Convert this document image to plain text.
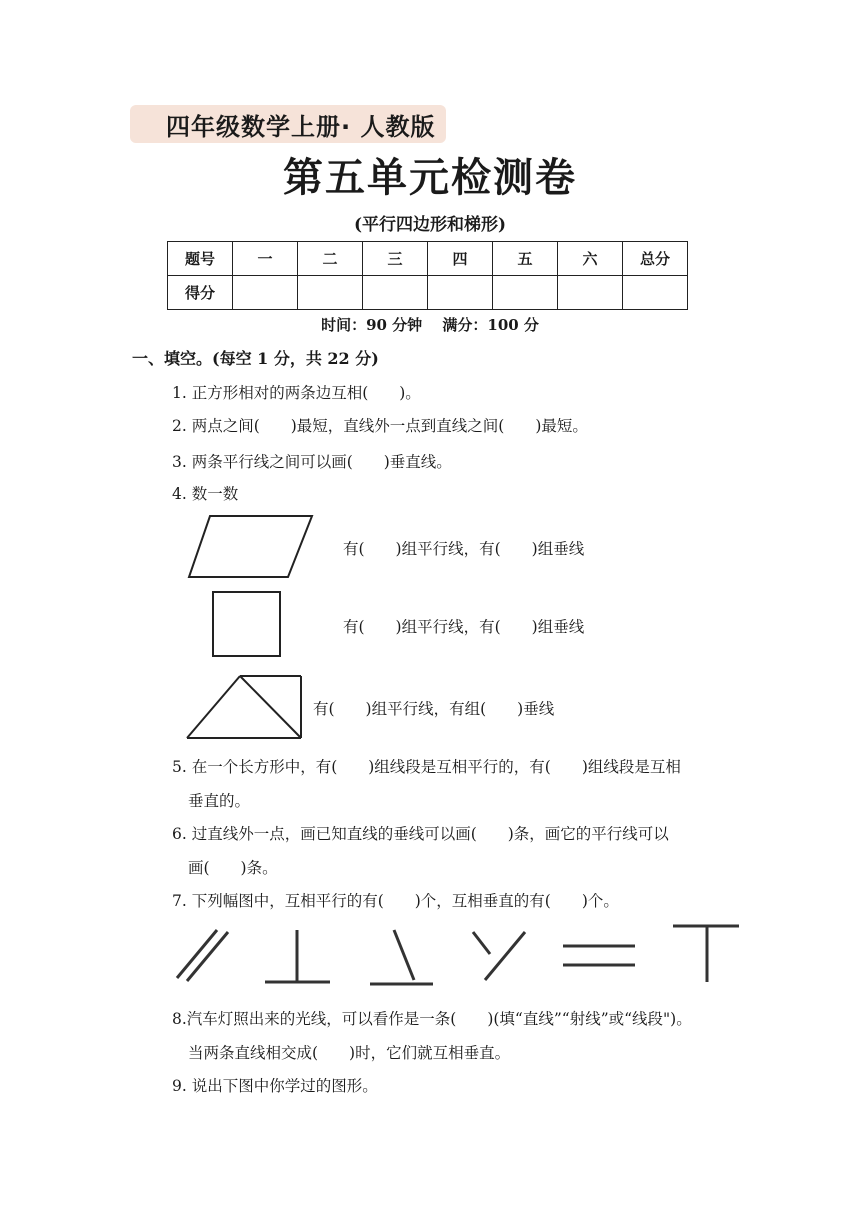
四年级数学上册· 人教版
第五单元检测卷
(平行四边形和梯形)
题号	一	二	三	四	五	六	总分
得分							
时间：90 分钟　 满分：100 分
一、填空。(每空 1 分，共 22 分)
1. 正方形相对的两条边互相(　　)。
2. 两点之间(　　)最短，直线外一点到直线之间(　　)最短。
3. 两条平行线之间可以画(　　)垂直线。
4. 数一数
有(　　)组平行线，有(　　)组垂线
有(　　)组平行线，有(　　)组垂线
有(　　)组平行线，有组(　　)垂线
5. 在一个长方形中，有(　　)组线段是互相平行的，有(　　)组线段是互相
垂直的。
6. 过直线外一点，画已知直线的垂线可以画(　　)条，画它的平行线可以
画(　　)条。
7. 下列幅图中，互相平行的有(　　)个，互相垂直的有(　　)个。
8.汽车灯照出来的光线，可以看作是一条(　　)(填“直线”“射线”或“线段")。
当两条直线相交成(　　)时，它们就互相垂直。
9. 说出下图中你学过的图形。
